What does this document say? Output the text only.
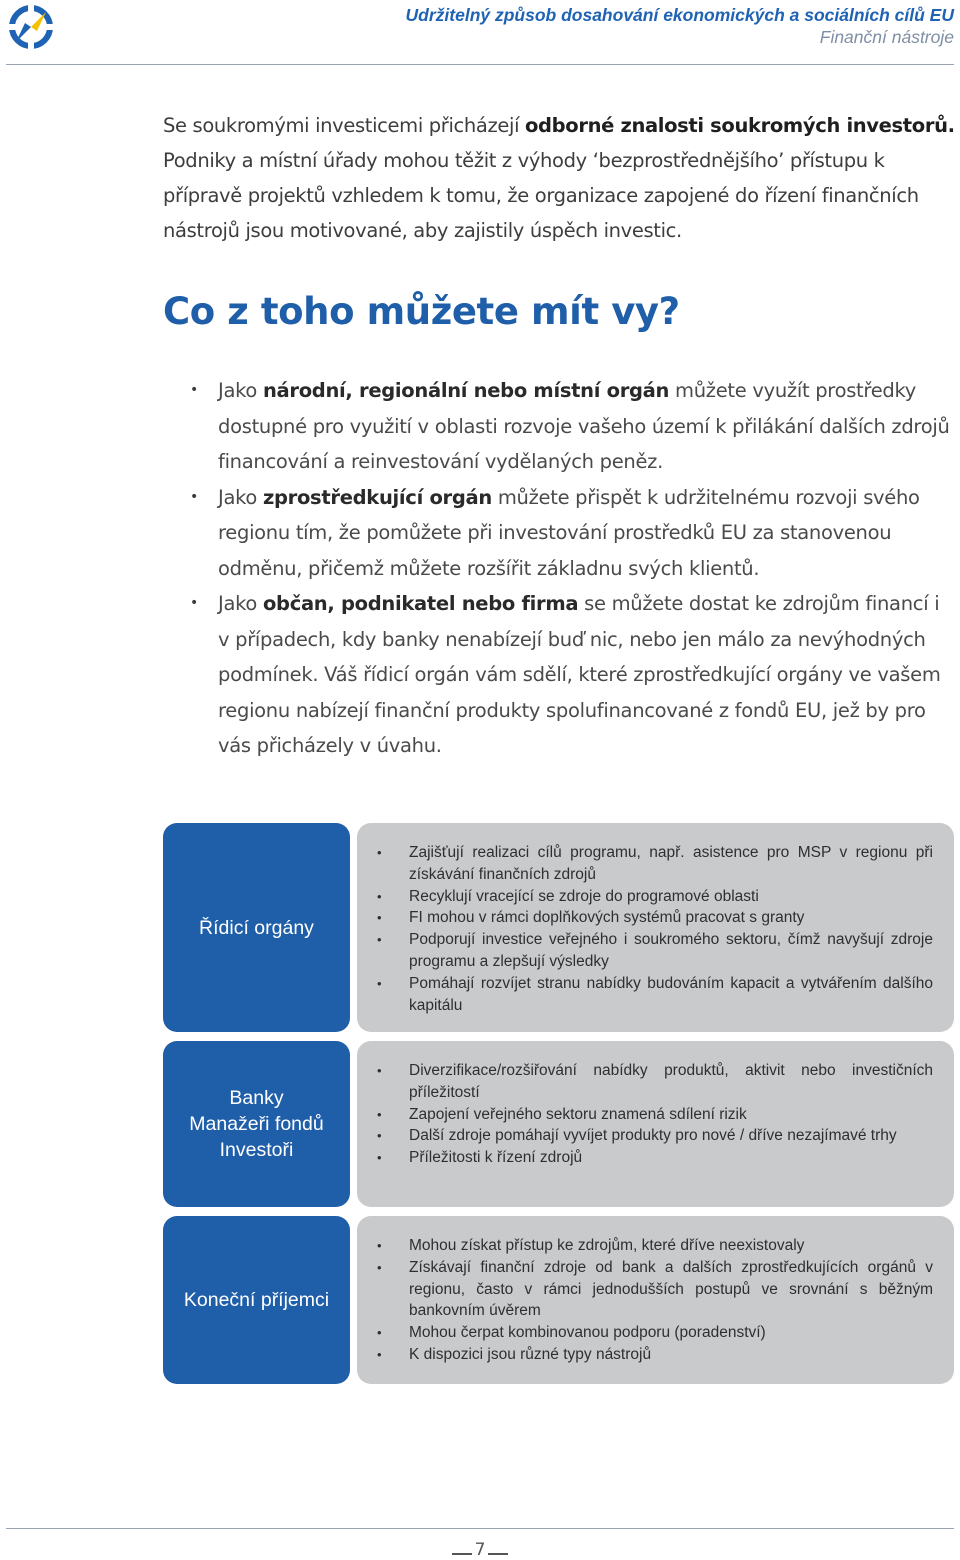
Udržitelný způsob dosahování ekonomických a sociálních cílů EU
Finanční nástroje

Se soukromými investicemi přicházejí odborné znalosti soukromých investorů. Podniky a místní úřady mohou těžit z výhody ‘bezprostřednějšího’ přístupu k přípravě projektů vzhledem k tomu, že organizace zapojené do řízení finančních nástrojů jsou motivované, aby zajistily úspěch investic.

Co z toho můžete mít vy?
• Jako národní, regionální nebo místní orgán můžete využít prostředky dostupné pro využití v oblasti rozvoje vašeho území k přilákání dalších zdrojů financování a reinvestování vydělaných peněz.
• Jako zprostředkující orgán můžete přispět k udržitelnému rozvoji svého regionu tím, že pomůžete při investování prostředků EU za stanovenou odměnu, přičemž můžete rozšířit základnu svých klientů.
• Jako občan, podnikatel nebo firma se můžete dostat ke zdrojům financí i v případech, kdy banky nenabízejí buď nic, nebo jen málo za nevýhodných podmínek. Váš řídicí orgán vám sdělí, které zprostředkující orgány ve vašem regionu nabízejí finanční produkty spolufinancované z fondů EU, jež by pro vás přicházely v úvahu.
Řídicí orgány
• Zajišťují realizaci cílů programu, např. asistence pro MSP v regionu při získávání finančních zdrojů
• Recyklují vracející se zdroje do programové oblasti
• FI mohou v rámci doplňkových systémů pracovat s granty
• Podporují investice veřejného i soukromého sektoru, čímž navyšují zdroje programu a zlepšují výsledky
• Pomáhají rozvíjet stranu nabídky budováním kapacit a vytvářením dalšího kapitálu
Banky
Manažeři fondů
Investoři
• Diverzifikace/rozšiřování nabídky produktů, aktivit nebo investičních příležitostí
• Zapojení veřejného sektoru znamená sdílení rizik
• Další zdroje pomáhají vyvíjet produkty pro nové / dříve nezajímavé trhy
• Příležitosti k řízení zdrojů
Koneční příjemci
• Mohou získat přístup ke zdrojům, které dříve neexistovaly
• Získávají finanční zdroje od bank a dalších zprostředkujících orgánů v regionu, často v rámci jednodušších postupů ve srovnání s běžným bankovním úvěrem
• Mohou čerpat kombinovanou podporu (poradenství)
• K dispozici jsou různé typy nástrojů
7
